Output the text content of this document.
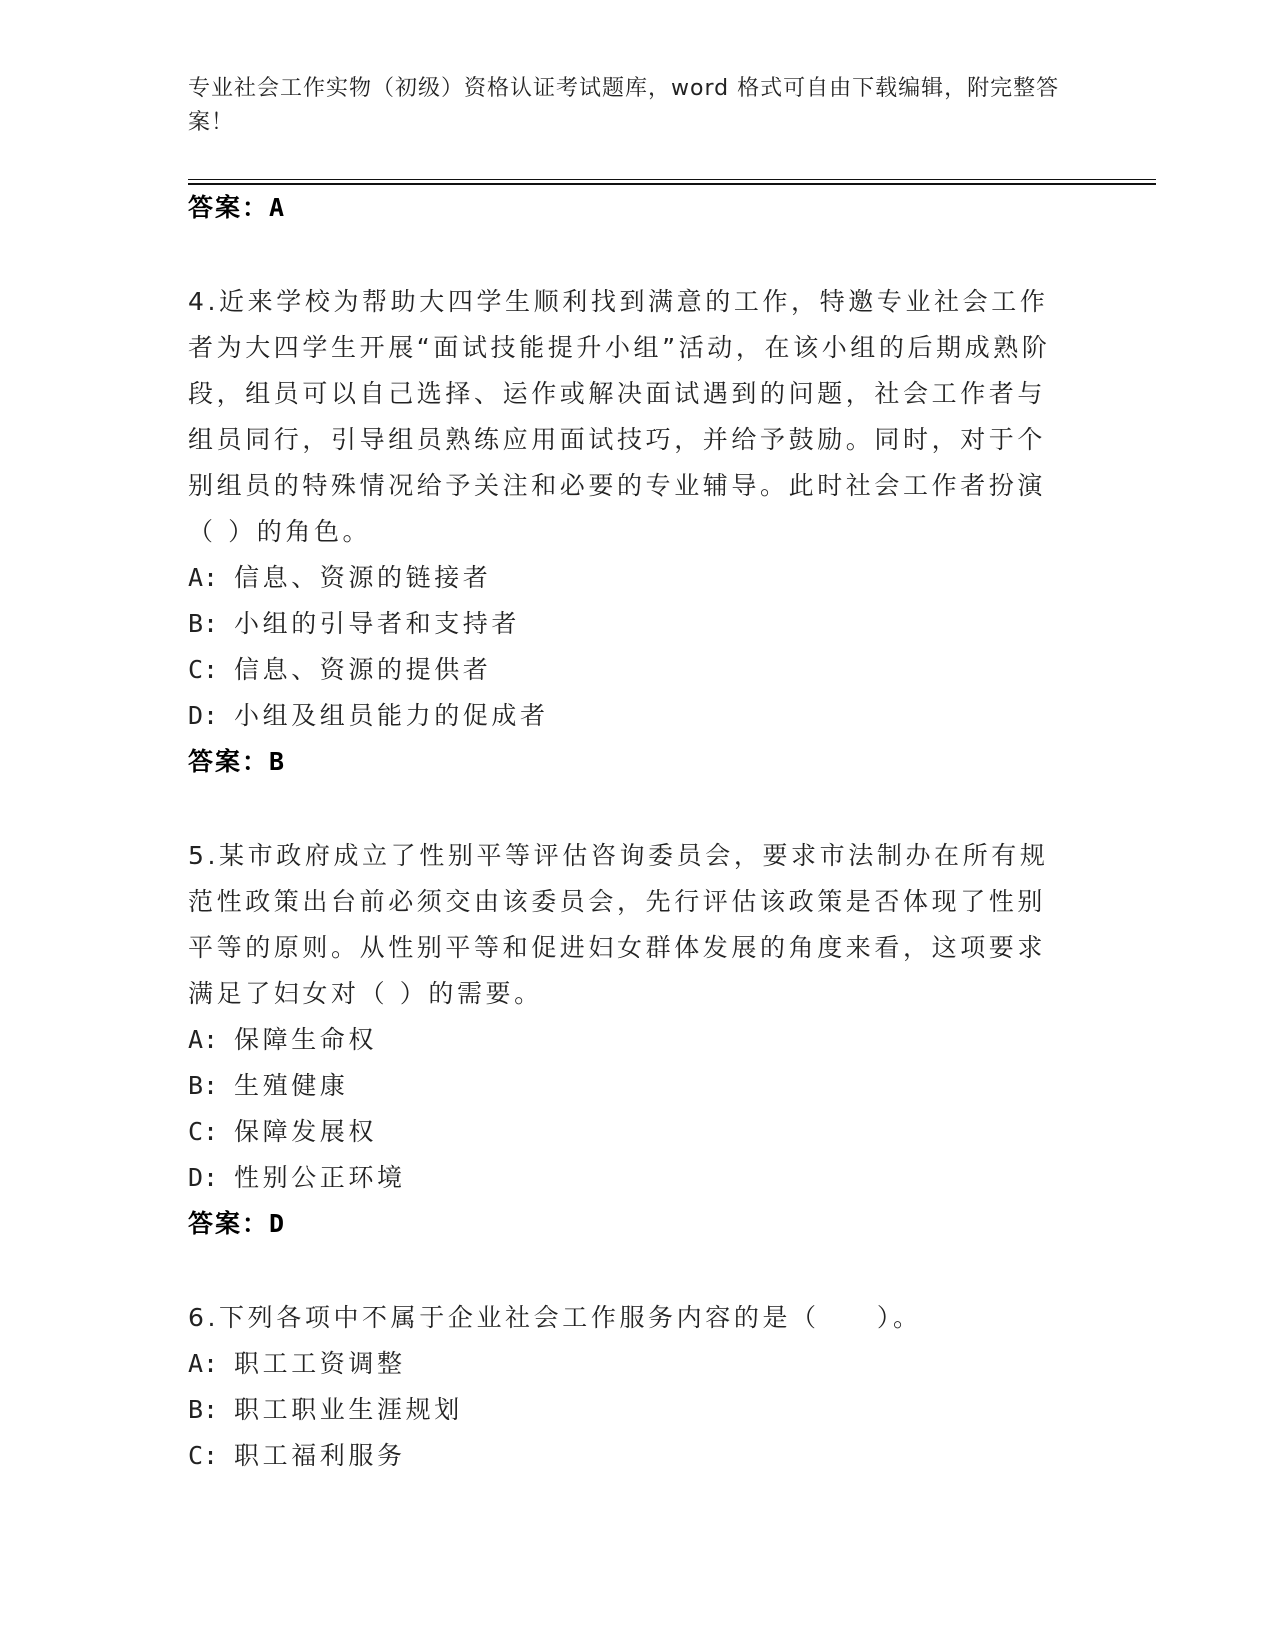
专业社会工作实物（初级）资格认证考试题库，word 格式可自由下载编辑，附完整答案！
答案：A
4.近来学校为帮助大四学生顺利找到满意的工作，特邀专业社会工作者为大四学生开展“面试技能提升小组”活动，在该小组的后期成熟阶段，组员可以自己选择、运作或解决面试遇到的问题，社会工作者与组员同行，引导组员熟练应用面试技巧，并给予鼓励。同时，对于个别组员的特殊情况给予关注和必要的专业辅导。此时社会工作者扮演（ ）的角色。
A: 信息、资源的链接者
B: 小组的引导者和支持者
C: 信息、资源的提供者
D: 小组及组员能力的促成者
答案：B
5.某市政府成立了性别平等评估咨询委员会，要求市法制办在所有规范性政策出台前必须交由该委员会，先行评估该政策是否体现了性别平等的原则。从性别平等和促进妇女群体发展的角度来看，这项要求满足了妇女对（ ）的需要。
A: 保障生命权
B: 生殖健康
C: 保障发展权
D: 性别公正环境
答案：D
6.下列各项中不属于企业社会工作服务内容的是（　　）。
A: 职工工资调整
B: 职工职业生涯规划
C: 职工福利服务
